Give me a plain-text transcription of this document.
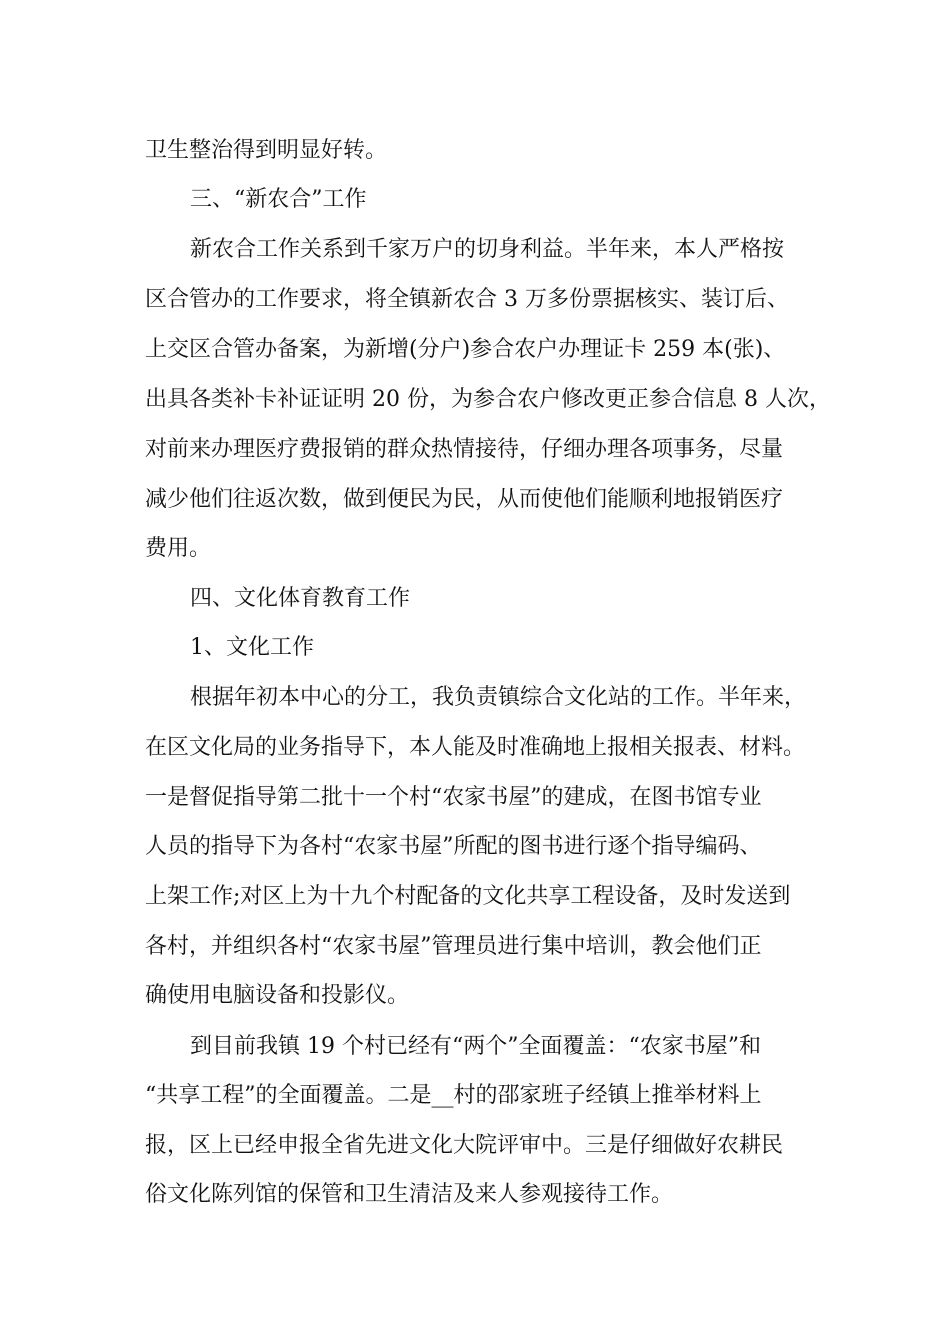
卫生整治得到明显好转。
三、“新农合”工作
新农合工作关系到千家万户的切身利益。半年来，本人严格按
区合管办的工作要求，将全镇新农合 3 万多份票据核实、装订后、
上交区合管办备案，为新增(分户)参合农户办理证卡 259 本(张)、
出具各类补卡补证证明 20 份，为参合农户修改更正参合信息 8 人次，
对前来办理医疗费报销的群众热情接待，仔细办理各项事务，尽量
减少他们往返次数，做到便民为民，从而使他们能顺利地报销医疗
费用。
四、文化体育教育工作
1、文化工作
根据年初本中心的分工，我负责镇综合文化站的工作。半年来，
在区文化局的业务指导下，本人能及时准确地上报相关报表、材料。
一是督促指导第二批十一个村“农家书屋”的建成，在图书馆专业
人员的指导下为各村“农家书屋”所配的图书进行逐个指导编码、
上架工作;对区上为十九个村配备的文化共享工程设备，及时发送到
各村，并组织各村“农家书屋”管理员进行集中培训，教会他们正
确使用电脑设备和投影仪。
到目前我镇 19 个村已经有“两个”全面覆盖：“农家书屋”和
“共享工程”的全面覆盖。二是__村的邵家班子经镇上推举材料上
报，区上已经申报全省先进文化大院评审中。三是仔细做好农耕民
俗文化陈列馆的保管和卫生清洁及来人参观接待工作。
